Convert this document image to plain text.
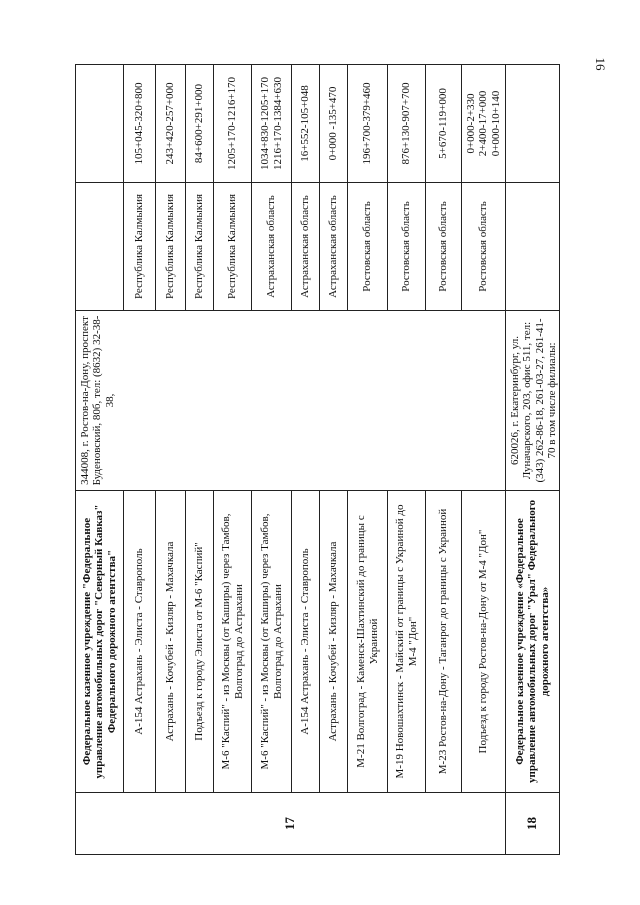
16
17	Федеральное казенное учреждение "Федеральное управление автомобильных дорог "Северный Кавказ" Федерального дорожного агентства"	344008, г. Ростов-на-Дону, проспект Буденовский, 80б, тел: (8632) 32-38-38,		

	А-154 Астрахань - Элиста - Ставрополь		Республика Калмыкия	105+045-320+800

	Астрахань - Кочубей - Кизляр - Махачкала		Республика Калмыкия	243+420-257+000

	Подъезд к городу Элиста от М-6 "Каспий"		Республика Калмыкия	84+600+291+000

	М-6 "Каспий" - из Москвы (от Каширы) через Тамбов, Волгоград до Астрахани		Республика Калмыкия	1205+170-1216+170

	М-6 "Каспий" - из Москвы (от Каширы) через Тамбов, Волгоград до Астрахани		Астраханская область	1034+830-1205+170 1216+170-1384+630

	А-154 Астрахань - Элиста - Ставрополь		Астраханская область	16+552-105+048

	Астрахань - Кочубей - Кизляр - Махачкала		Астраханская область	0+000 -135+470

	М-21 Волгоград - Каменск-Шахтинский до границы с Украиной		Ростовская область	196+700-379+460

	М-19 Новошахтинск - Майский от границы с Украиной до М-4 "Дон"		Ростовская область	876+130-907+700

	М-23 Ростов-на-Дону - Таганрог до границы с Украиной		Ростовская область	5+670-119+000

	Подъезд к городу Ростов-на-Дону от М-4 "Дон"		Ростовская область	0+000-2+330 2+400-17+000 0+000-10+140

18	Федеральное казенное учреждение «Федеральное управление автомобильных дорог "Урал" Федерального дорожного агентства»	620026, г. Екатеринбург, ул. Луначарского, 203, офис 511, тел: (343) 262-86-18, 261-03-27, 261-41-70 в том числе филиалы:		
